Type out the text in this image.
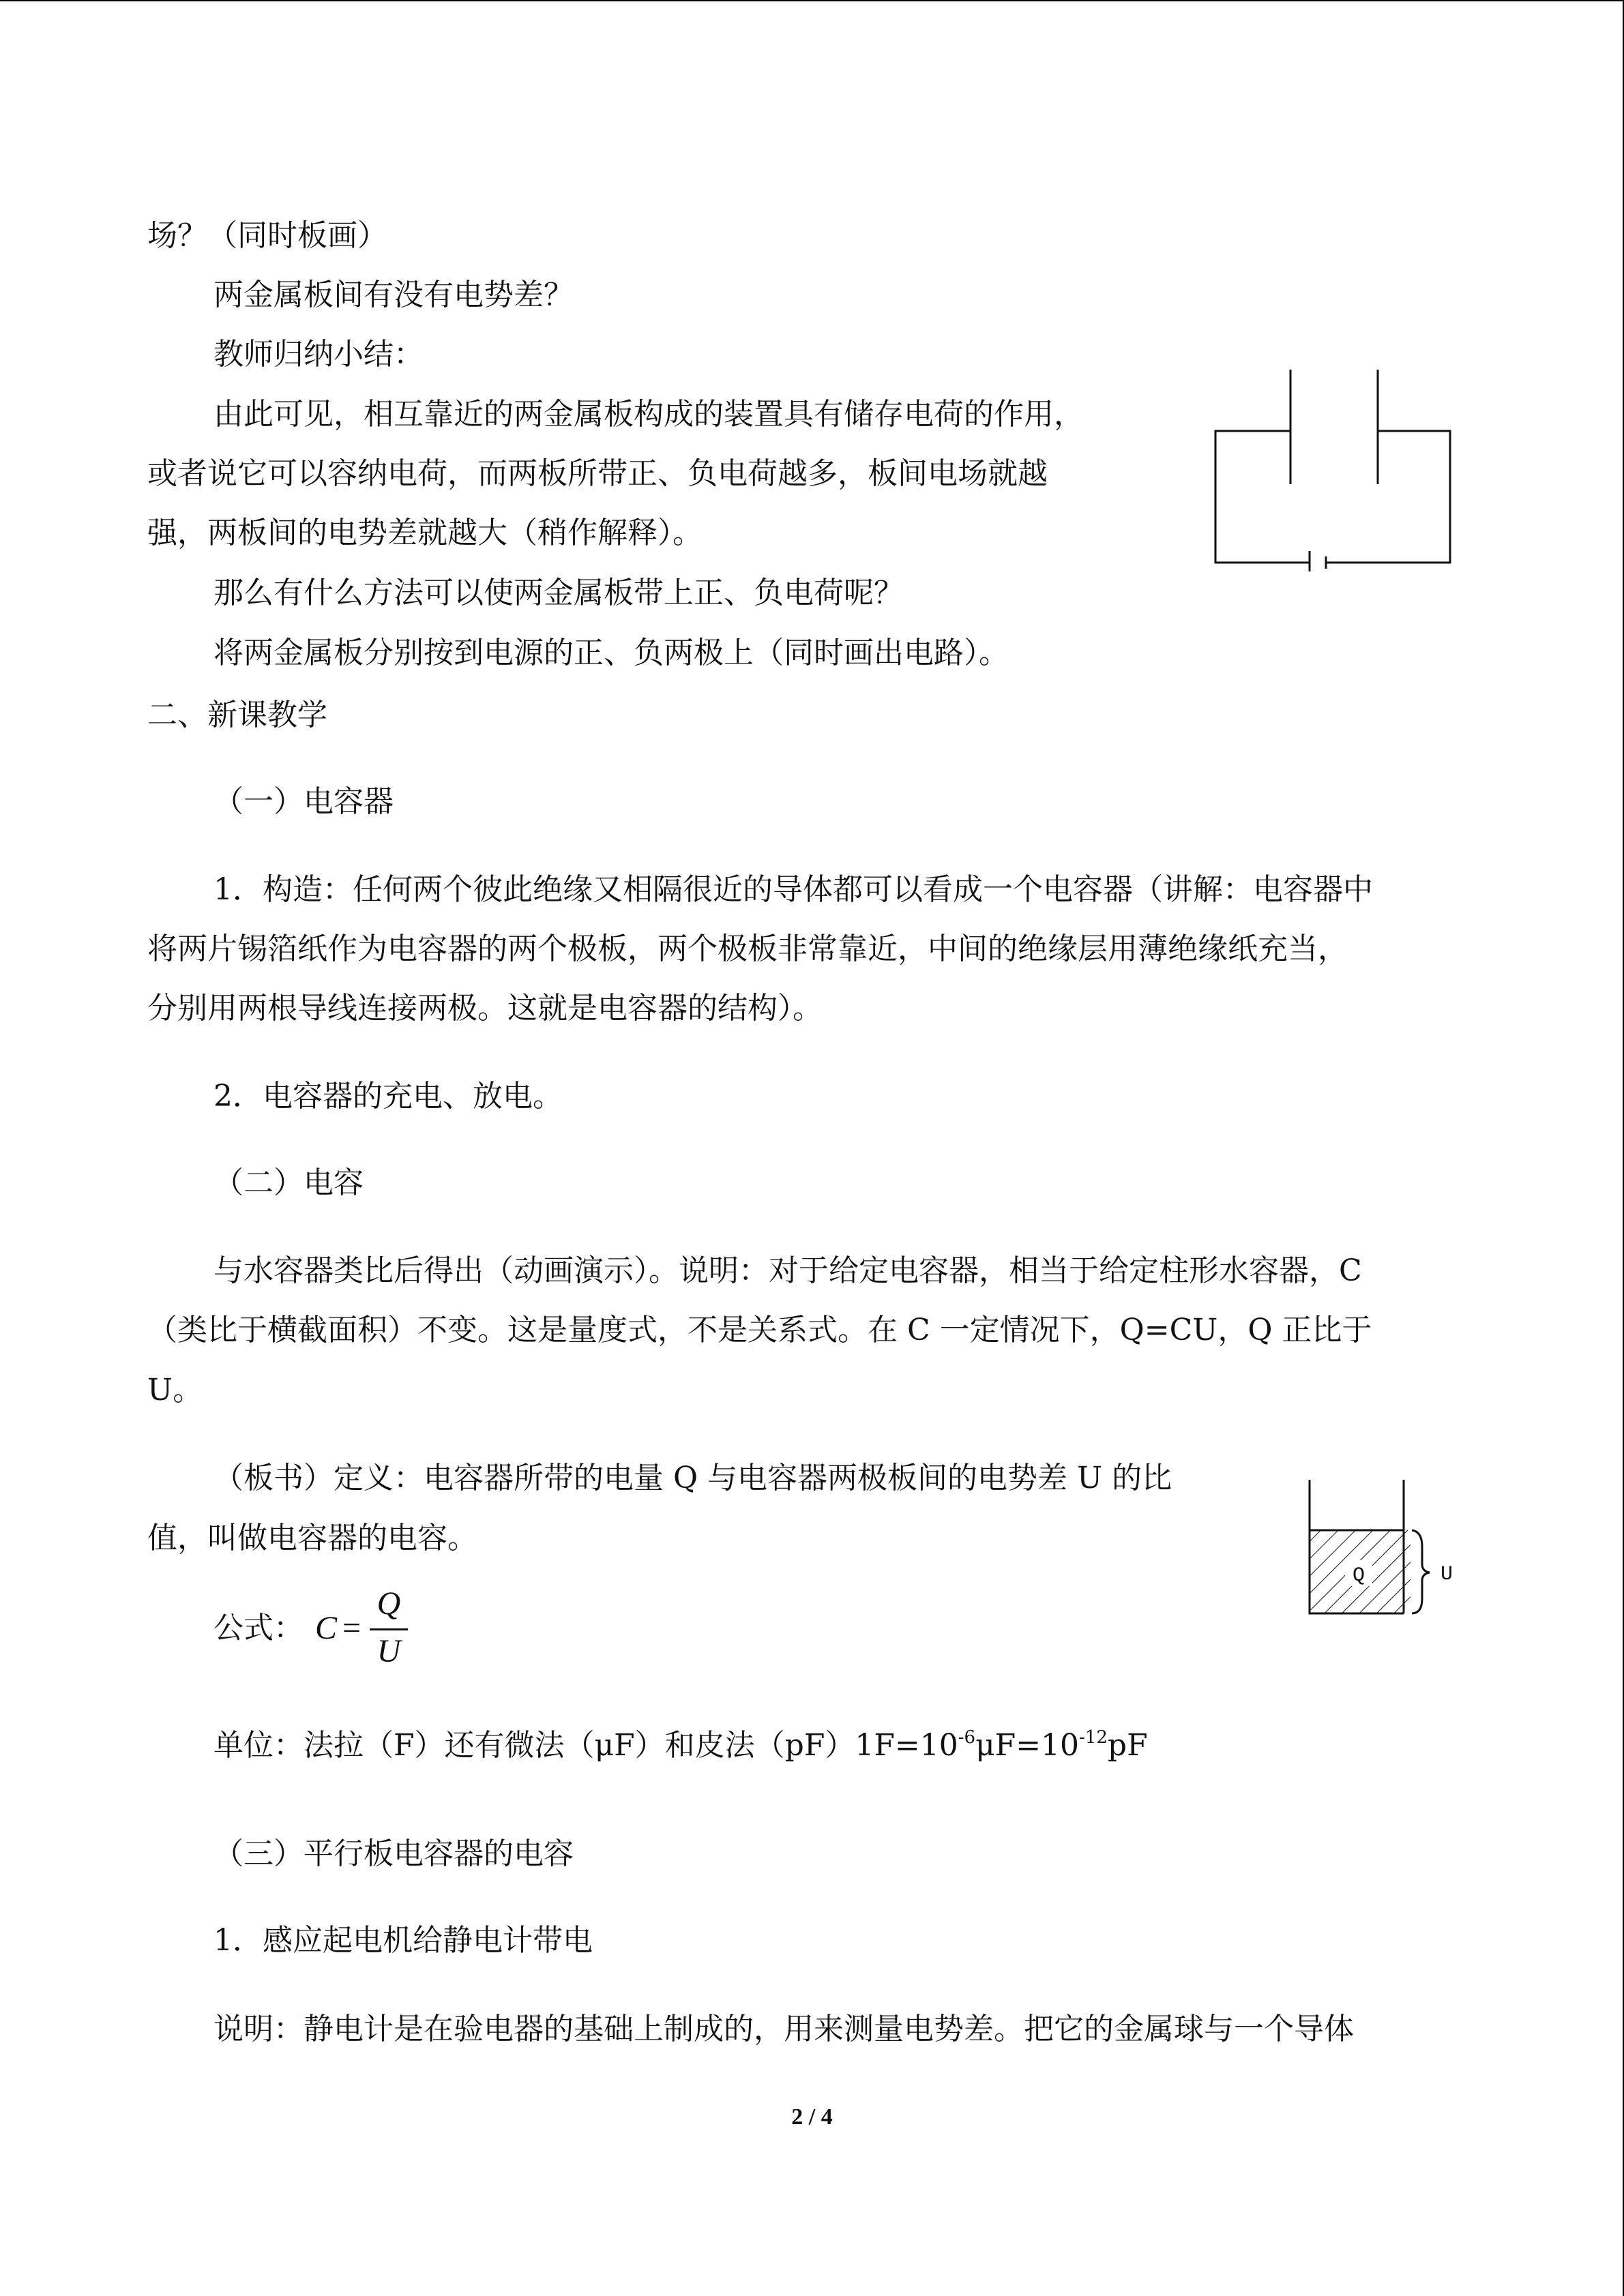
场？（同时板画）
两金属板间有没有电势差？
教师归纳小结：
由此可见，相互靠近的两金属板构成的装置具有储存电荷的作用，
或者说它可以容纳电荷，而两板所带正、负电荷越多，板间电场就越
强，两板间的电势差就越大（稍作解释）。
那么有什么方法可以使两金属板带上正、负电荷呢？
将两金属板分别按到电源的正、负两极上（同时画出电路）。
二、新课教学
（一）电容器
1．构造：任何两个彼此绝缘又相隔很近的导体都可以看成一个电容器（讲解：电容器中
将两片锡箔纸作为电容器的两个极板，两个极板非常靠近，中间的绝缘层用薄绝缘纸充当，
分别用两根导线连接两极。这就是电容器的结构）。
2．电容器的充电、放电。
（二）电容
与水容器类比后得出（动画演示）。说明：对于给定电容器，相当于给定柱形水容器，C
（类比于横截面积）不变。这是量度式，不是关系式。在 C 一定情况下，Q=CU，Q 正比于
U。
（板书）定义：电容器所带的电量 Q 与电容器两极板间的电势差 U 的比
值，叫做电容器的电容。
公式： C =
Q
U
单位：法拉（F）还有微法（μF）和皮法$(pF)1F=10^{-6}\mu F=10^{-12}pF$
（三）平行板电容器的电容
1．感应起电机给静电计带电
说明：静电计是在验电器的基础上制成的，用来测量电势差。把它的金属球与一个导体
Q	U
2 / 4
